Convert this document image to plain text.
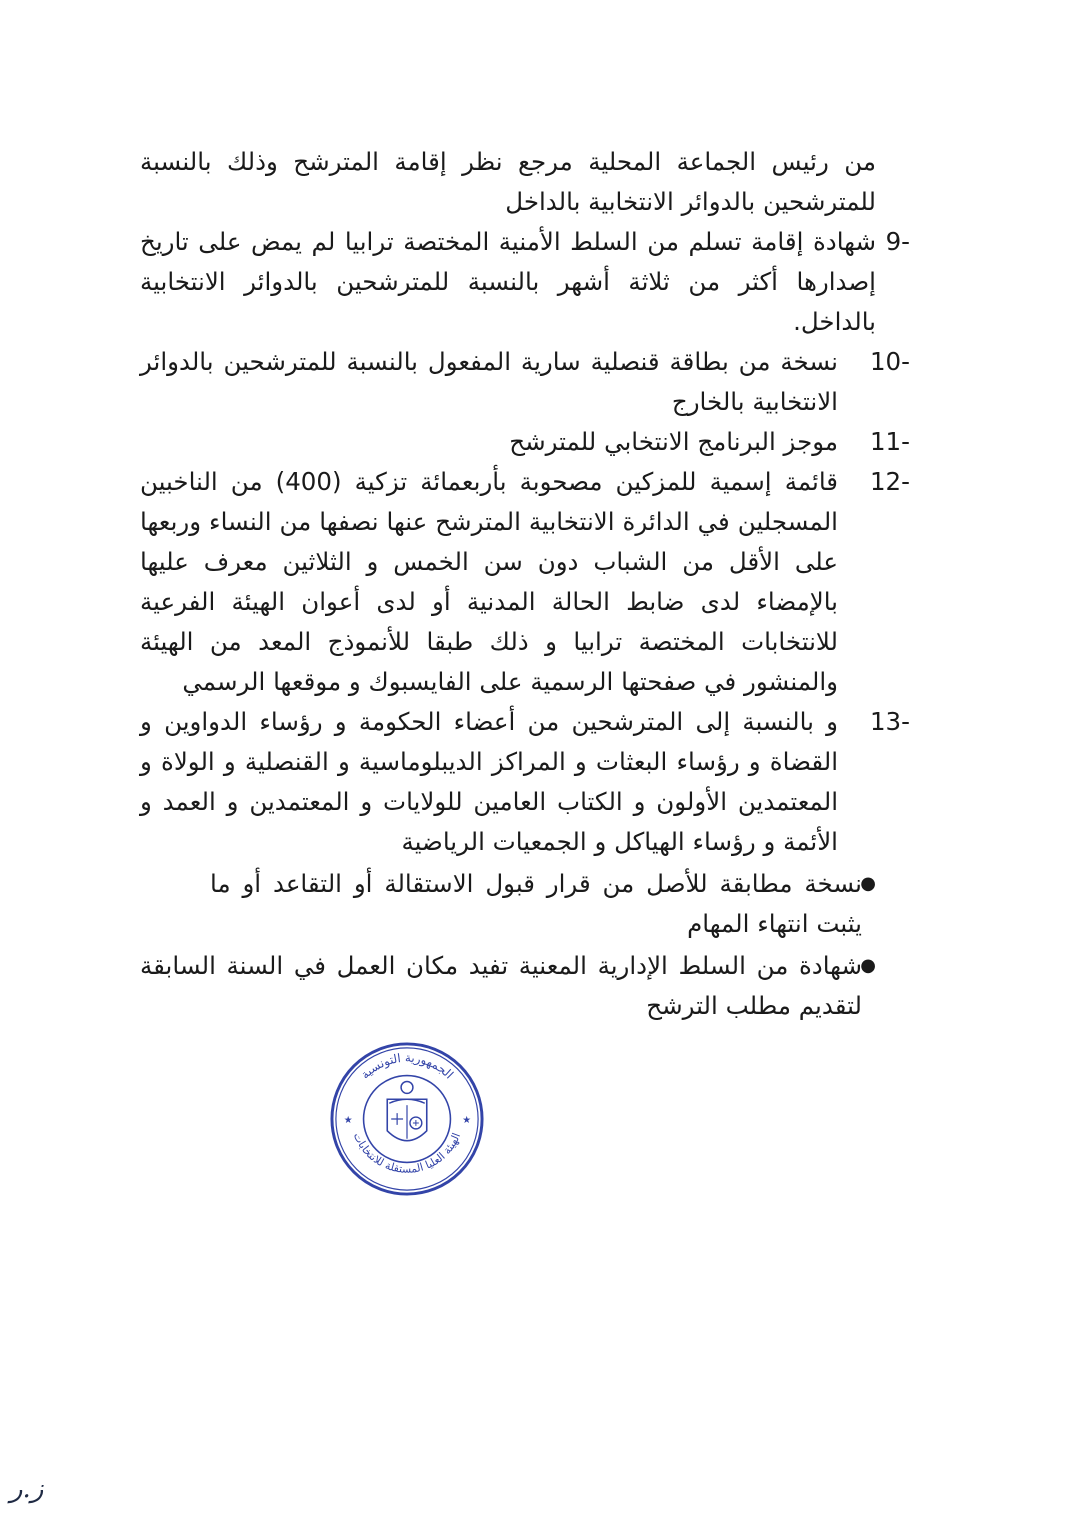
من رئيس الجماعة المحلية مرجع نظر إقامة المترشح وذلك بالنسبة للمترشحين بالدوائر الانتخابية بالداخل

9-
شهادة إقامة تسلم من السلط الأمنية المختصة ترابيا لم يمض على تاريخ إصدارها أكثر من ثلاثة أشهر بالنسبة للمترشحين بالدوائر الانتخابية بالداخل.
10-
نسخة من بطاقة قنصلية سارية المفعول بالنسبة للمترشحين بالدوائر الانتخابية بالخارج
11-
موجز البرنامج الانتخابي للمترشح
12-
قائمة إسمية للمزكين مصحوبة بأربعمائة تزكية (400) من الناخبين المسجلين في الدائرة الانتخابية المترشح عنها نصفها من النساء وربعها على الأقل من الشباب دون سن الخمس و الثلاثين معرف عليها بالإمضاء لدى ضابط الحالة المدنية أو لدى أعوان الهيئة الفرعية للانتخابات المختصة ترابيا و ذلك طبقا للأنموذج المعد من الهيئة والمنشور في صفحتها الرسمية على الفايسبوك و موقعها الرسمي
13-
و بالنسبة إلى المترشحين من أعضاء الحكومة و رؤساء الدواوين و القضاة و رؤساء البعثات و المراكز الديبلوماسية و القنصلية و الولاة و المعتمدين الأولون و الكتاب العامين للولايات و المعتمدين و العمد و الأئمة و رؤساء الهياكل و الجمعيات الرياضية
●
نسخة مطابقة للأصل من قرار قبول الاستقالة أو التقاعد أو ما يثبت انتهاء المهام
●
شهادة من السلط الإدارية المعنية تفيد مكان العمل في السنة السابقة لتقديم مطلب الترشح
الجمهورية التونسية
الهيئة العليا المستقلة للانتخابات
★	★
ز.ر
